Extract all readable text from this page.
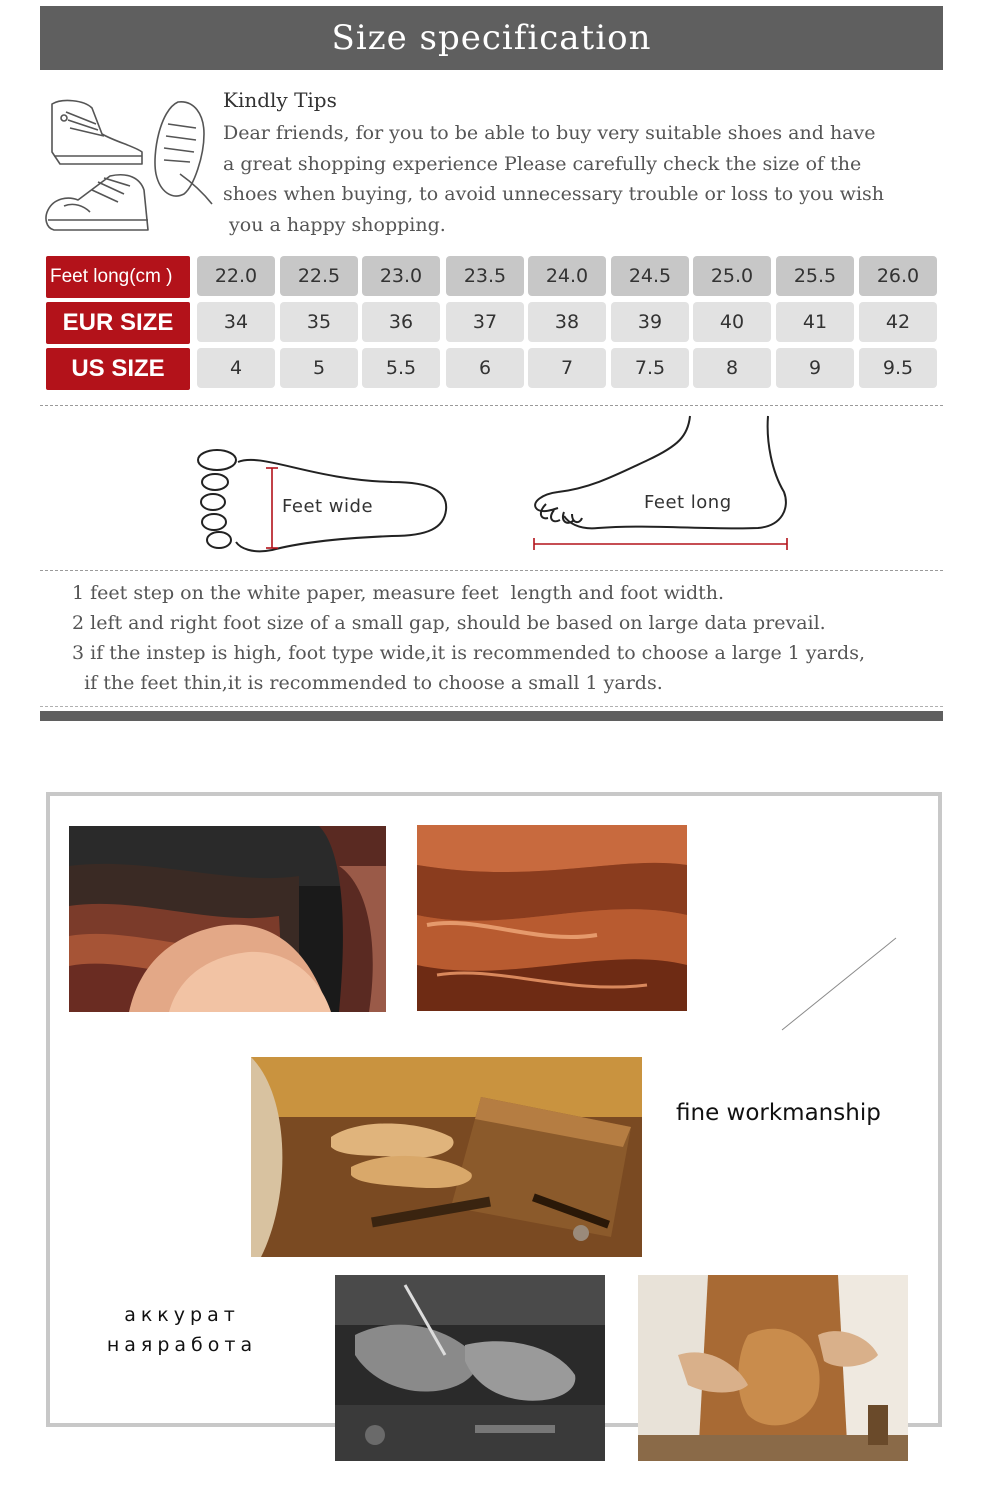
Size specification
Kindly Tips
Dear friends, for you to be able to buy very suitable shoes and have
a great shopping experience Please carefully check the size of the
shoes when buying, to avoid unnecessary trouble or loss to you wish
you a happy shopping.
Feet long(cm )	22.0	22.5	23.0	23.5	24.0	24.5	25.0	25.5	26.0
EUR SIZE	34	35	36	37	38	39	40	41	42
US SIZE	4	5	5.5	6	7	7.5	8	9	9.5
Feet wide	Feet long
1 feet step on the white paper, measure feet  length and foot width.
2 left and right foot size of a small gap, should be based on large data prevail.
3 if the instep is high, foot type wide,it is recommended to choose a large 1 yards,
if the feet thin,it is recommended to choose a small 1 yards.
fine workmanship
аккурат
наяработа
